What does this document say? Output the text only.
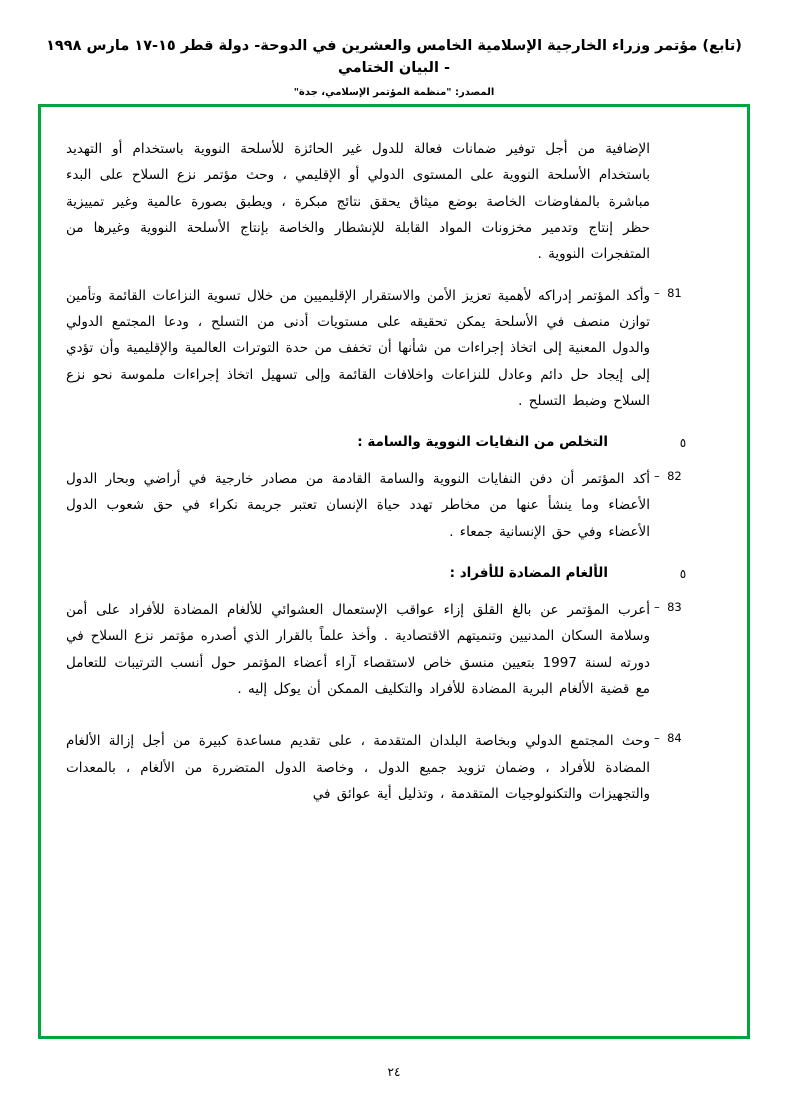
(تابع) مؤتمر وزراء الخارجية الإسلامية الخامس والعشرين في الدوحة- دولة قطر ١٥-١٧ مارس ١٩٩٨ - البيان الختامي
المصدر: "منظمة المؤتمر الإسلامي، جدة"
الإضافية من أجل توفير ضمانات فعالة للدول غير الحائزة للأسلحة النووية باستخدام أو التهديد باستخدام الأسلحة النووية على المستوى الدولي أو الإقليمي ، وحث مؤتمر نزع السلاح على البدء مباشرة بالمفاوضات الخاصة بوضع ميثاق يحقق نتائج مبكرة ، ويطبق بصورة عالمية وغير تمييزية حظر إنتاج وتدمير مخزونات المواد القابلة للإنشطار والخاصة بإنتاج الأسلحة النووية وغيرها من المتفجرات النووية .
– 81
وأكد المؤتمر إدراكه لأهمية تعزيز الأمن والاستقرار الإقليميين من خلال تسوية النزاعات القائمة وتأمين توازن منصف في الأسلحة يمكن تحقيقه على مستويات أدنى من التسلح ، ودعا المجتمع الدولي والدول المعنية إلى اتخاذ إجراءات من شأنها أن تخفف من حدة التوترات العالمية والإقليمية وأن تؤدي إلى إيجاد حل دائم وعادل للنزاعات واخلافات القائمة وإلى تسهيل اتخاذ إجراءات ملموسة نحو نزع السلاح وضبط التسلح .
٥
التخلص من النفايات النووية والسامة :
– 82
أكد المؤتمر أن دفن النفايات النووية والسامة القادمة من مصادر خارجية في أراضي وبحار الدول الأعضاء وما ينشأ عنها من مخاطر تهدد حياة الإنسان تعتبر جريمة نكراء في حق شعوب الدول الأعضاء وفي حق الإنسانية جمعاء .
٥
الألغام المضادة للأفراد :
– 83
أعرب المؤتمر عن بالغ القلق إزاء عواقب الإستعمال العشوائي للألغام المضادة للأفراد على أمن وسلامة السكان المدنيين وتنميتهم الاقتصادية . وأخذ علماً بالقرار الذي أصدره مؤتمر نزع السلاح في دورته لسنة 1997 بتعيين منسق خاص لاستقصاء آراء أعضاء المؤتمر حول أنسب الترتيبات للتعامل مع قضية الألغام البرية المضادة للأفراد والتكليف الممكن أن يوكل إليه .
– 84
وحث المجتمع الدولي وبخاصة البلدان المتقدمة ، على تقديم مساعدة كبيرة من أجل إزالة الألغام المضادة للأفراد ، وضمان تزويد جميع الدول ، وخاصة الدول المتضررة من الألغام ، بالمعدات والتجهيزات والتكنولوجيات المتقدمة ، وتذليل أية عوائق في
٢٤
